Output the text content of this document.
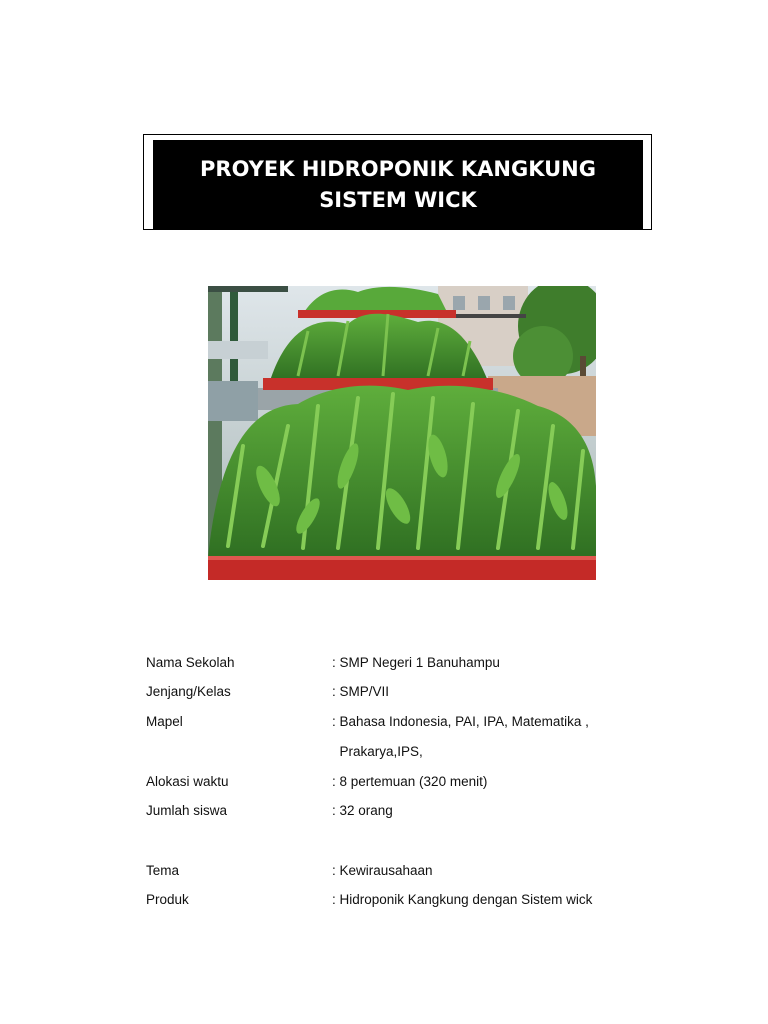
PROYEK HIDROPONIK KANGKUNG
SISTEM WICK
Nama Sekolah	: SMP Negeri 1 Banuhampu
Jenjang/Kelas	: SMP/VII
Mapel	: Bahasa Indonesia, PAI, IPA, Matematika ,
Prakarya,IPS,
Alokasi waktu	: 8 pertemuan (320 menit)
Jumlah siswa	: 32 orang
Tema	: Kewirausahaan
Produk	: Hidroponik Kangkung dengan Sistem wick
